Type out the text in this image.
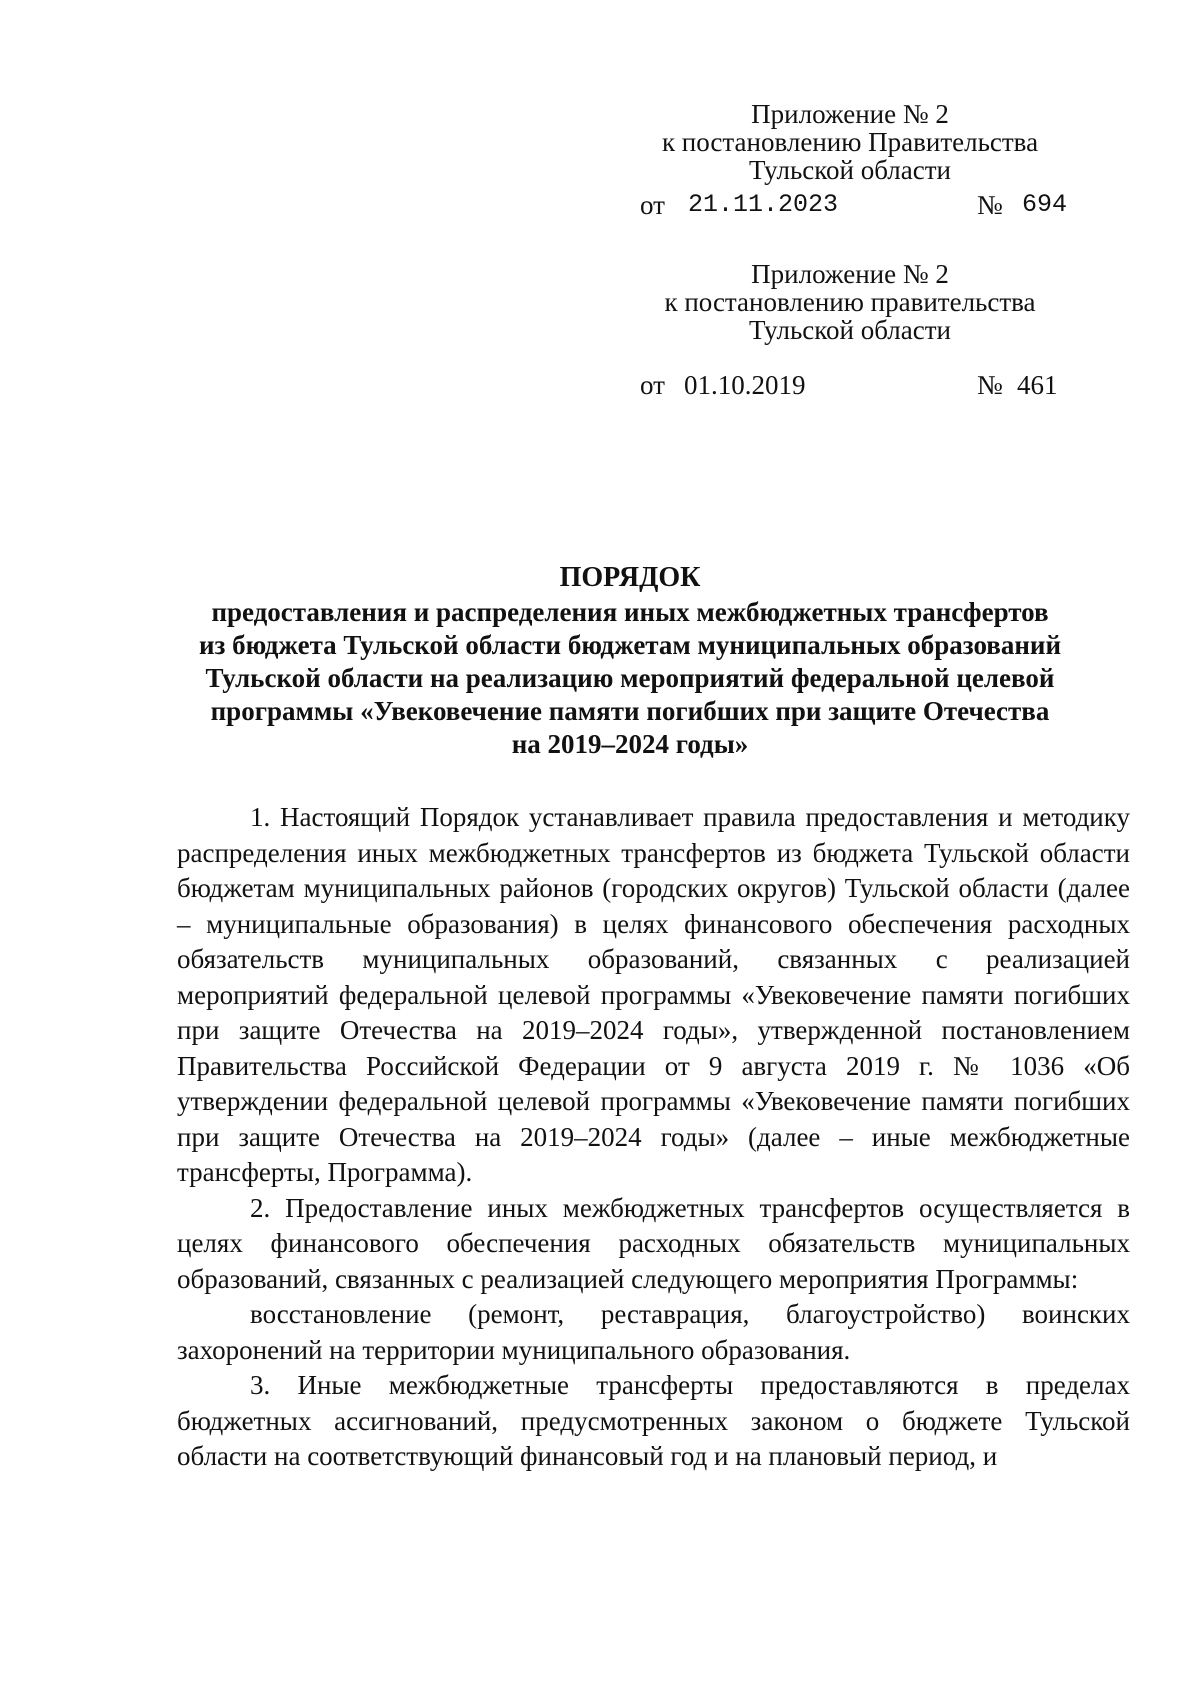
Приложение № 2
к постановлению Правительства
Тульской области
от 21.11.2023	№ 694
Приложение № 2
к постановлению правительства
Тульской области
от 01.10.2019	№ 461
ПОРЯДОК
предоставления и распределения иных межбюджетных трансфертов
из бюджета Тульской области бюджетам муниципальных образований
Тульской области на реализацию мероприятий федеральной целевой
программы «Увековечение памяти погибших при защите Отечества
на 2019–2024 годы»

1. Настоящий Порядок устанавливает правила предоставления и методику распределения иных межбюджетных трансфертов из бюджета Тульской области бюджетам муниципальных районов (городских округов) Тульской области (далее – муниципальные образования) в целях финансового обеспечения расходных обязательств муниципальных образований, связанных с реализацией мероприятий федеральной целевой программы «Увековечение памяти погибших при защите Отечества на 2019–2024 годы», утвержденной постановлением Правительства Российской Федерации от 9 августа 2019 г. № 1036 «Об утверждении федеральной целевой программы «Увековечение памяти погибших при защите Отечества на 2019–2024 годы» (далее – иные межбюджетные трансферты, Программа).

2. Предоставление иных межбюджетных трансфертов осуществляется в целях финансового обеспечения расходных обязательств муниципальных образований, связанных с реализацией следующего мероприятия Программы:

восстановление (ремонт, реставрация, благоустройство) воинских захоронений на территории муниципального образования.

3. Иные межбюджетные трансферты предоставляются в пределах бюджетных ассигнований, предусмотренных законом о бюджете Тульской области на соответствующий финансовый год и на плановый период, и
